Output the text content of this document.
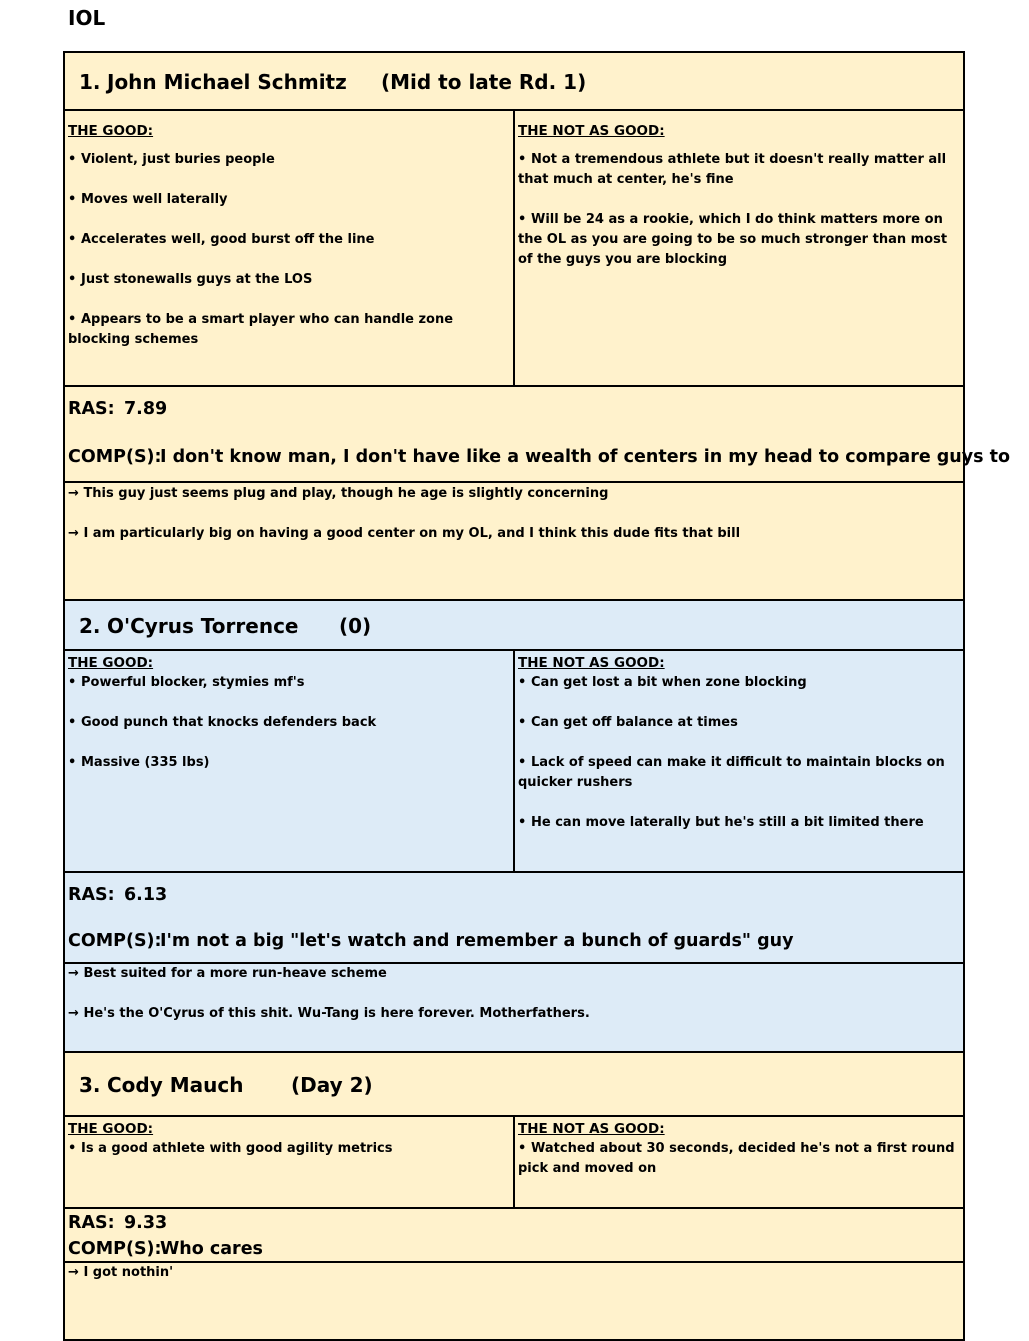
IOL
1. John Michael Schmitz (Mid to late Rd. 1)
THE GOOD:
• Violent, just buries people
• Moves well laterally
• Accelerates well, good burst off the line
• Just stonewalls guys at the LOS
• Appears to be a smart player who can handle zone blocking schemes
THE NOT AS GOOD:
• Not a tremendous athlete but it doesn't really matter all that much at center, he's fine
• Will be 24 as a rookie, which I do think matters more on the OL as you are going to be so much stronger than most of the guys you are blocking
RAS: 7.89
COMP(S):I don't know man, I don't have like a wealth of centers in my head to compare guys to
→ This guy just seems plug and play, though he age is slightly concerning
→ I am particularly big on having a good center on my OL, and I think this dude fits that bill
2. O'Cyrus Torrence (0)
THE GOOD:
• Powerful blocker, stymies mf's
• Good punch that knocks defenders back
• Massive (335 lbs)
THE NOT AS GOOD:
• Can get lost a bit when zone blocking
• Can get off balance at times
• Lack of speed can make it difficult to maintain blocks on quicker rushers
• He can move laterally but he's still a bit limited there
RAS: 6.13
COMP(S):I'm not a big "let's watch and remember a bunch of guards" guy
→ Best suited for a more run-heave scheme
→ He's the O'Cyrus of this shit. Wu-Tang is here forever. Motherfathers.
3. Cody Mauch (Day 2)
THE GOOD:
• Is a good athlete with good agility metrics
THE NOT AS GOOD:
• Watched about 30 seconds, decided he's not a first round pick and moved on
RAS: 9.33
COMP(S):Who cares
→ I got nothin'
